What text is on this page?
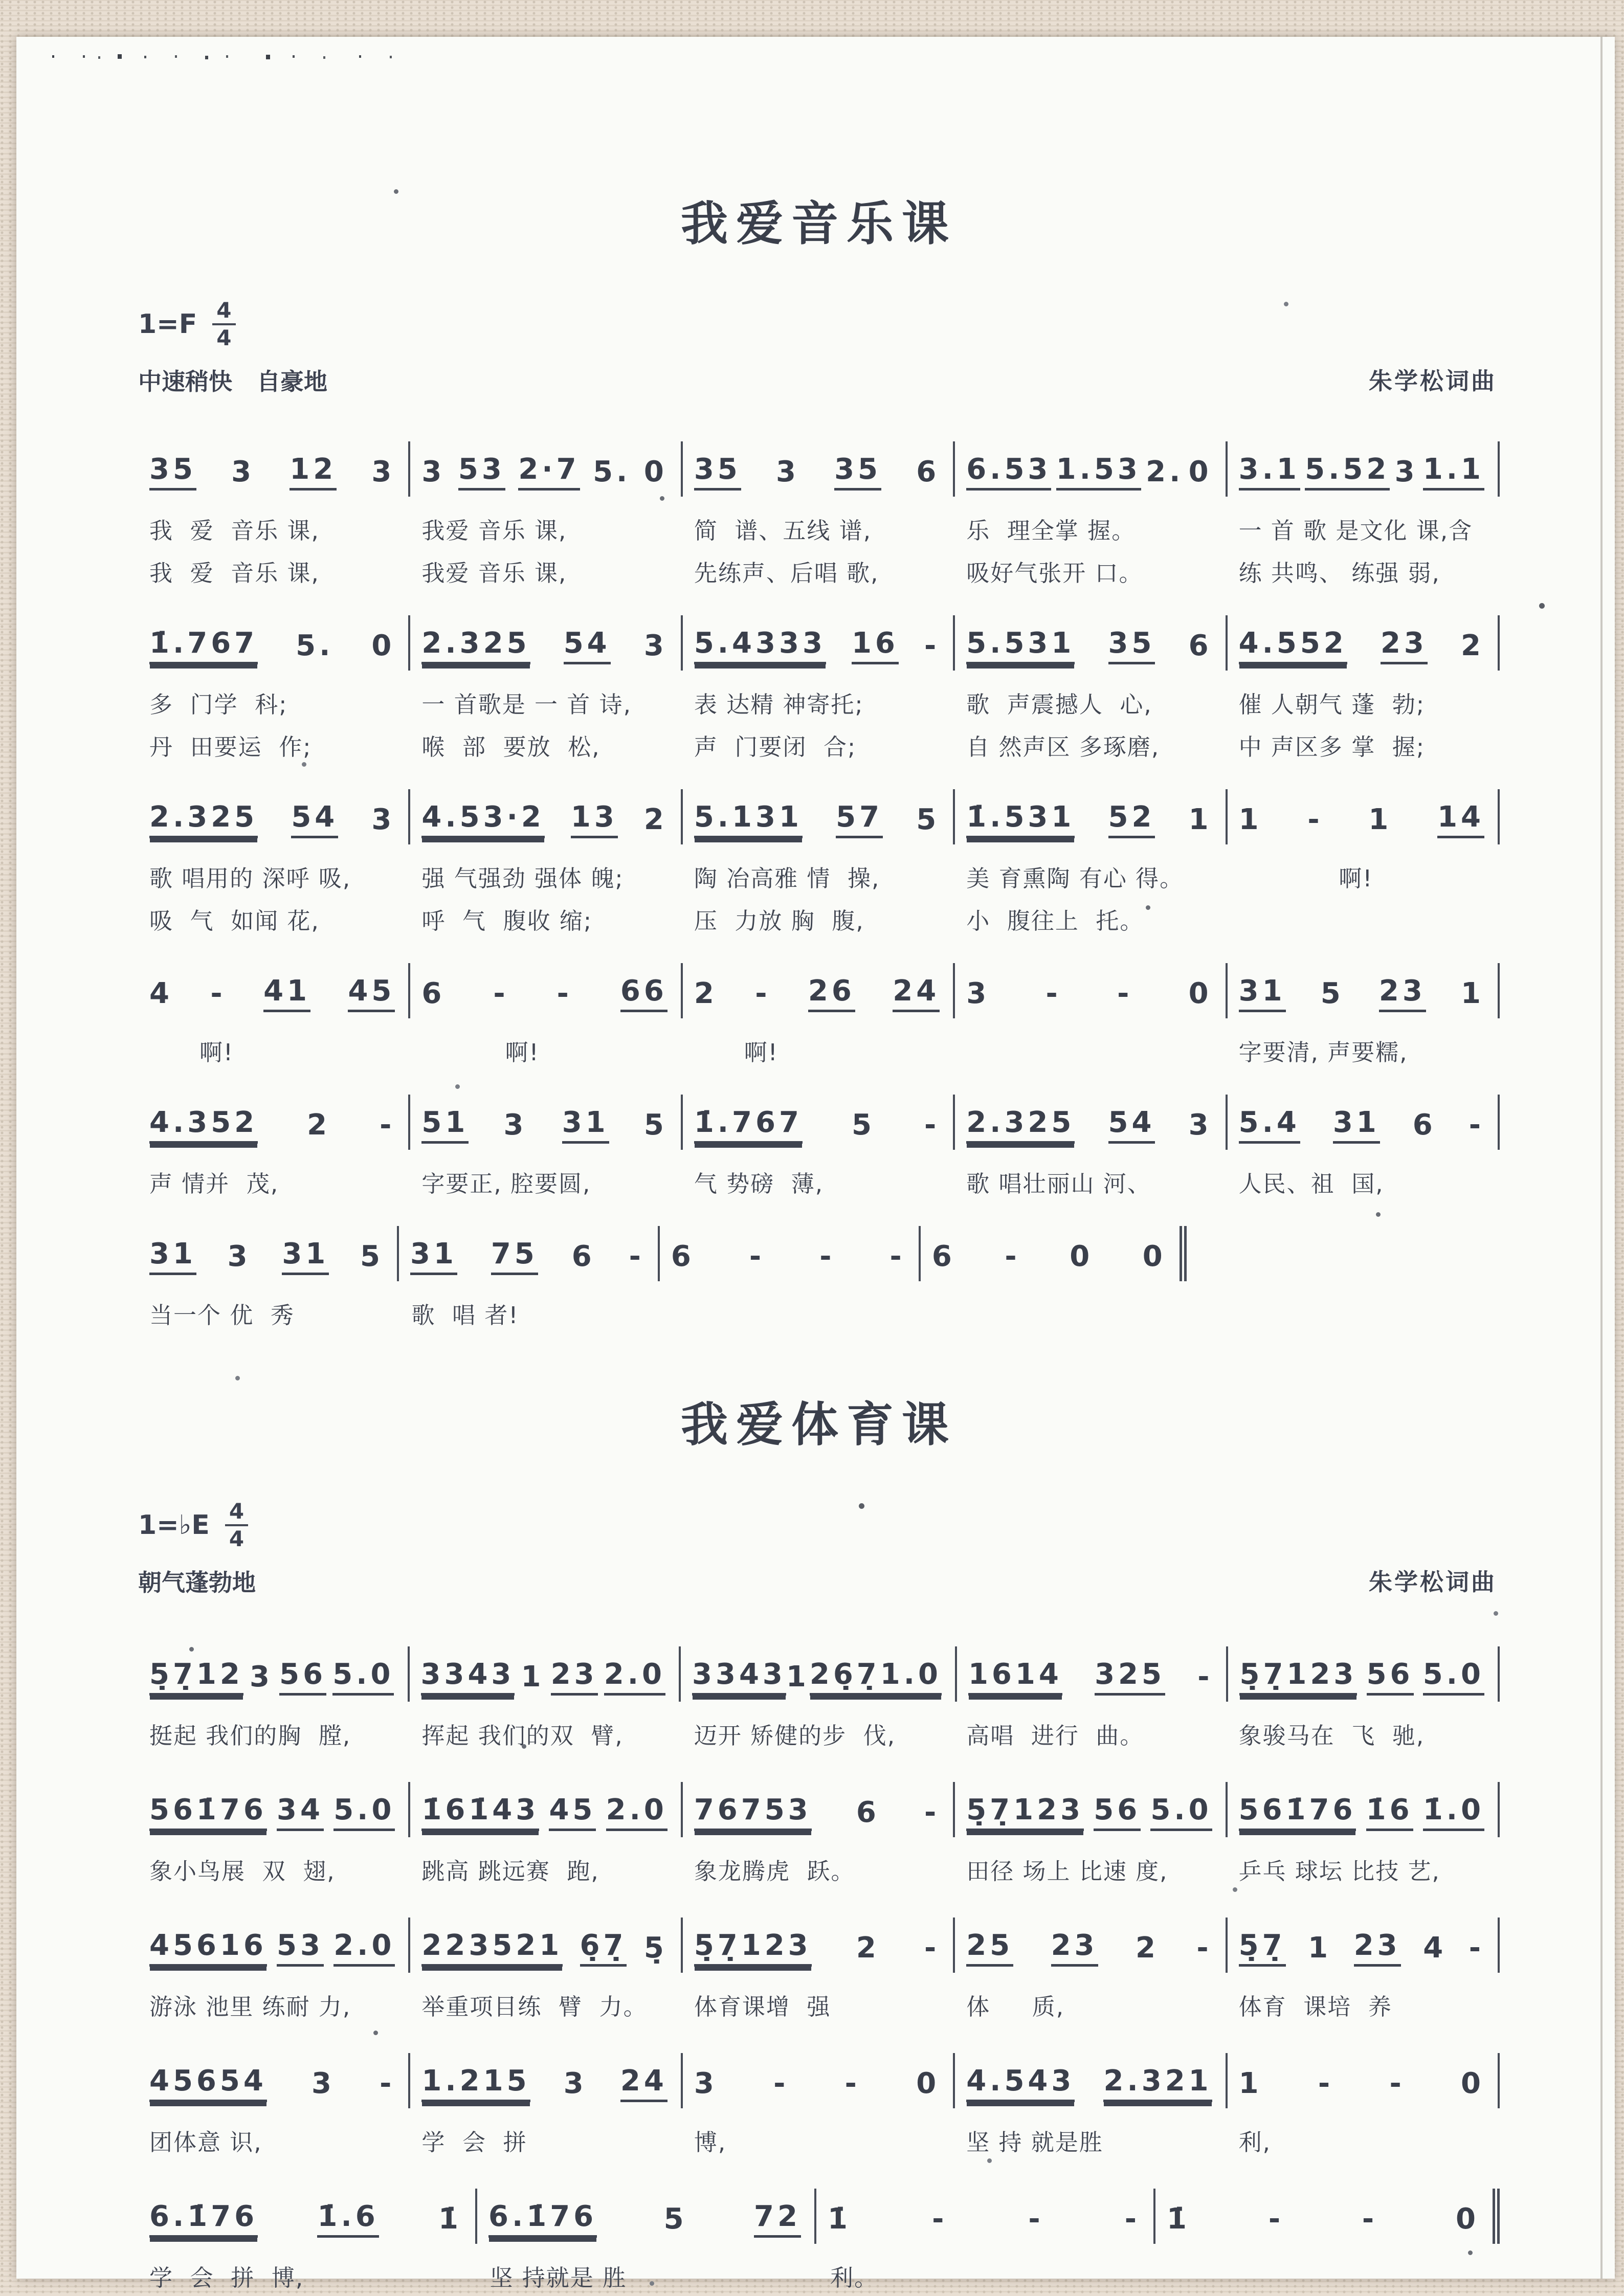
我爱音乐课
$1=F \frac{4}{4}$
中速稍快   自豪地	朱学松词曲
35 3 12 3 3 53 2·7 5. 0 35 3 35 6 6.53 1.53 2. 0 3.1 5.52 3 1.1
我  爱  音乐 课,	我爱 音乐 课,	简  谱、五线 谱,	乐  理全掌 握。	一 首 歌 是文化 课,含
我  爱  音乐 课,	我爱 音乐 课,	先练声、后唱 歌,	吸好气张开 口。	练 共鸣、 练强 弱,
1̇.767 5. 0 2.325 54 3 5.4333 16 - 5.531 35 6 4.552 23 2
多  门学  科;	一 首歌是 一 首 诗,	表 达精 神寄托;	歌  声震撼人  心,	催 人朝气 蓬  勃;
丹  田要运  作;	喉  部  要放  松,	声  门要闭  合;	自 然声区 多琢磨,	中 声区多 掌  握;
2.325 54 3 4.53·2 13 2 5.131 57 5 1̇.531 52 1 1 - 1 14
歌 唱用的 深呼 吸,	强 气强劲 强体 魄;	陶 冶高雅 情  操,	美 育熏陶 有心 得。	啊!
吸  气  如闻 花,	呼  气  腹收 缩;	压  力放 胸  腹,	小  腹往上  托。
4 - 41 45 6 - - 66 2 - 26 24 3 - - 0 31 5 23 1
啊!	啊!	啊!	字要清, 声要糯,
4.352 2 - 51 3 31 5 1̇.767 5 - 2.325 54 3 5.4 31 6 -
声 情并  茂,	字要正, 腔要圆,	气 势磅  薄,	歌 唱壮丽山 河、	人民、祖  国,
31 3 31 5 31 75 6 - 6 - - - 6 - 0 0
当一个 优  秀	歌  唱 者!
我爱体育课
1=♭E $\frac{4}{4}$
朝气蓬勃地	朱学松词曲
5̣7̣12 3 56 5.0 3343 1 23 2.0 3343 1 26̣7̣1.0 1614 325 - 5̣7̣123 56 5.0
挺起 我们的胸  膛,	挥起 我们的双  臂,	迈开 矫健的步  伐,	高唱  进行  曲。	象骏马在  飞  驰,
561̇76 34 5.0 1̇61̇43 45 2.0 76753 6 - 5̣7̣123 56 5.0 561̇76 1̇6 1̇.0
象小鸟展  双  翅,	跳高 跳远赛  跑,	象龙腾虎  跃。	田径 场上 比速 度,	乒乓 球坛 比技 艺,
45616 53 2.0 223521 6̣7̣ 5̣ 5̣7̣123 2 - 25 23 2 - 5̣7̣ 1 23 4 -
游泳 池里 练耐 力,	举重项目练  臂  力。	体育课增  强	体     质,	体育  课培  养
45654 3 - 1.215 3 24 3 - - 0 4.543 2.321 1 - - 0
团体意 识,	学  会  拼	博,	坚 持 就是胜	利,
6.1̇76 1̇.6 1̇ 6.1̇76 5 72 1̇	-	-	- 1̇	-	-	0
学  会  拼  博,	坚 持就是 胜	利。
